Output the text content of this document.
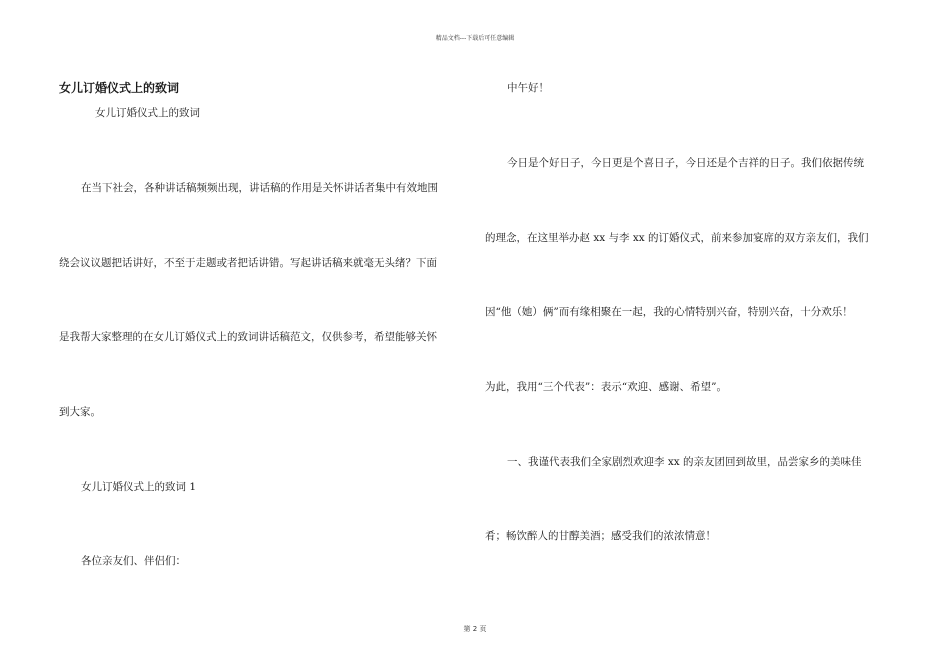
精品文档---下载后可任意编辑
女儿订婚仪式上的致词
女儿订婚仪式上的致词
在当下社会，各种讲话稿频频出现，讲话稿的作用是关怀讲话者集中有效地围
绕会议议题把话讲好，不至于走题或者把话讲错。写起讲话稿来就毫无头绪？下面
是我帮大家整理的在女儿订婚仪式上的致词讲话稿范文，仅供参考，希望能够关怀
到大家。
女儿订婚仪式上的致词 1
各位亲友们、伴侣们：
中午好！
今日是个好日子，今日更是个喜日子，今日还是个吉祥的日子。我们依据传统
的理念，在这里举办赵 xx 与李 xx 的订婚仪式，前来参加宴席的双方亲友们，我们
因“他（她）俩”而有缘相聚在一起，我的心情特别兴奋，特别兴奋，十分欢乐！
为此，我用“三个代表”：表示“欢迎、感谢、希望”。
一、我谨代表我们全家剧烈欢迎李 xx 的亲友团回到故里，品尝家乡的美味佳
肴；畅饮醉人的甘醇美酒；感受我们的浓浓情意！
第 2 页
